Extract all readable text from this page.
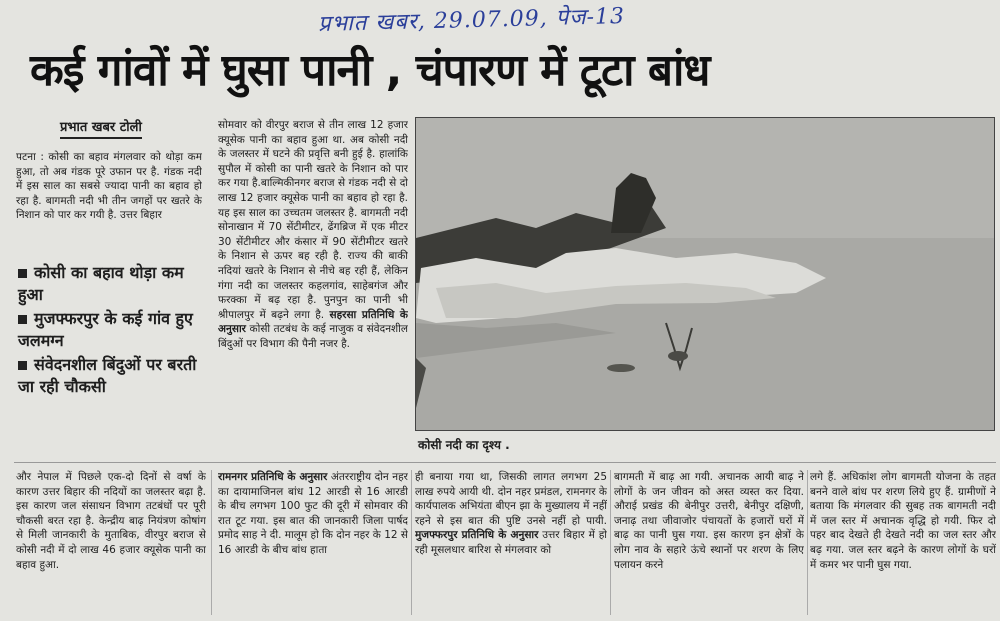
प्रभात खबर, 29.07.09, पेज-13
कई गांवों में घुसा पानी , चंपारण में टूटा बांध
प्रभात खबर टोली
पटना : कोसी का बहाव मंगलवार को थोड़ा कम हुआ, तो अब गंडक पूरे उफान पर है. गंडक नदी में इस साल का सबसे ज्यादा पानी का बहाव हो रहा है. बागमती नदी भी तीन जगहों पर खतरे के निशान को पार कर गयी है. उत्तर बिहार
कोसी का बहाव थोड़ा कम हुआ
मुजफ्फरपुर के कई गांव हुए जलमग्न
संवेदनशील बिंदुओं पर बरती जा रही चौकसी
सोमवार को वीरपुर बराज से तीन लाख 12 हजार क्यूसेक पानी का बहाव हुआ था. अब कोसी नदी के जलस्तर में घटने की प्रवृत्ति बनी हुई है. हालांकि सुपौल में कोसी का पानी खतरे के निशान को पार कर गया है.बाल्मिकीनगर बराज से गंडक नदी से दो लाख 12 हजार क्यूसेक पानी का बहाव हो रहा है. यह इस साल का उच्चतम जलस्तर है. बागमती नदी सोनाखान में 70 सेंटीमीटर, ढेंगब्रिज में एक मीटर 30 सेंटीमीटर और कंसार में 90 सेंटीमीटर खतरे के निशान से ऊपर बह रही है. राज्य की बाकी नदियां खतरे के निशान से नीचे बह रही हैं, लेकिन गंगा नदी का जलस्तर कहलगांव, साहेबगंज और फरक्का में बढ़ रहा है. पुनपुन का पानी भी श्रीपालपुर में बढ़ने लगा है. सहरसा प्रतिनिधि के अनुसार कोसी तटबंध के कई नाजुक व संवेदनशील बिंदुओं पर विभाग की पैनी नजर है.
कोसी नदी का दृश्य .
और नेपाल में पिछले एक-दो दिनों से वर्षा के कारण उत्तर बिहार की नदियों का जलस्तर बढ़ा है. इस कारण जल संसाधन विभाग तटबंधों पर पूरी चौकसी बरत रहा है. केन्द्रीय बाढ़ नियंत्रण कोषांग से मिली जानकारी के मुताबिक, वीरपुर बराज से कोसी नदी में दो लाख 46 हजार क्यूसेक पानी का बहाव हुआ.
रामनगर प्रतिनिधि के अनुसार अंतरराष्ट्रीय दोन नहर का दायामाजिनल बांध 12 आरडी से 16 आरडी के बीच लगभग 100 फुट की दूरी में सोमवार की रात टूट गया. इस बात की जानकारी जिला पार्षद प्रमोद साह ने दी. मालूम हो कि दोन नहर के 12 से 16 आरडी के बीच बांध हाता
ही बनाया गया था, जिसकी लागत लगभग 25 लाख रुपये आयी थी. दोन नहर प्रमंडल, रामनगर के कार्यपालक अभियंता बीएन झा के मुख्यालय में नहीं रहने से इस बात की पुष्टि उनसे नहीं हो पायी. मुजफ्फरपुर प्रतिनिधि के अनुसार उत्तर बिहार में हो रही मूसलधार बारिश से मंगलवार को
बागमती में बाढ़ आ गयी. अचानक आयी बाढ़ ने लोगों के जन जीवन को अस्त व्यस्त कर दिया. औराई प्रखंड की बेनीपुर उत्तरी, बेनीपुर दक्षिणी, जनाढ़ तथा जीवाजोर पंचायतों के हजारों घरों में बाढ़ का पानी घुस गया. इस कारण इन क्षेत्रों के लोग नाव के सहारे ऊंचे स्थानों पर शरण के लिए पलायन करने
लगे हैं. अधिकांश लोग बागमती योजना के तहत बनने वाले बांध पर शरण लिये हुए हैं. ग्रामीणों ने बताया कि मंगलवार की सुबह तक बागमती नदी में जल स्तर में अचानक वृद्धि हो गयी. फिर दो पहर बाद देखते ही देखते नदी का जल स्तर और बढ़ गया. जल स्तर बढ़ने के कारण लोगों के घरों में कमर भर पानी घुस गया.
